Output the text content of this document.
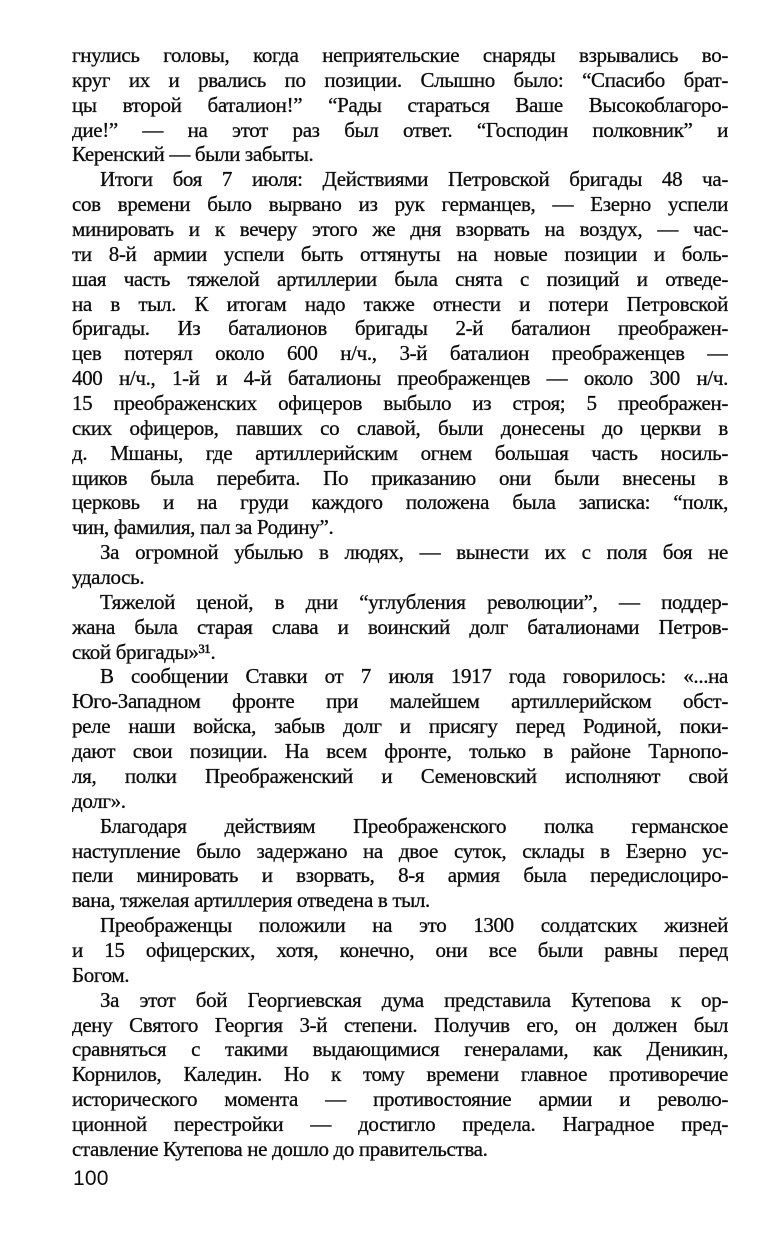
гнулись головы, когда неприятельские снаряды взрывались во-
круг их и рвались по позиции. Слышно было: “Спасибо брат-
цы второй баталион!” “Рады стараться Ваше Высокоблагоро-
дие!” — на этот раз был ответ. “Господин полковник” и
Керенский — были забыты.
Итоги боя 7 июля: Действиями Петровской бригады 48 ча-
сов времени было вырвано из рук германцев, — Езерно успели
минировать и к вечеру этого же дня взорвать на воздух, — час-
ти 8-й армии успели быть оттянуты на новые позиции и боль-
шая часть тяжелой артиллерии была снята с позиций и отведе-
на в тыл. К итогам надо также отнести и потери Петровской
бригады. Из баталионов бригады 2-й баталион преображен-
цев потерял около 600 н/ч., 3-й баталион преображенцев —
400 н/ч., 1-й и 4-й баталионы преображенцев — около 300 н/ч.
15 преображенских офицеров выбыло из строя; 5 преображен-
ских офицеров, павших со славой, были донесены до церкви в
д. Мшаны, где артиллерийским огнем большая часть носиль-
щиков была перебита. По приказанию они были внесены в
церковь и на груди каждого положена была записка: “полк,
чин, фамилия, пал за Родину”.
За огромной убылью в людях, — вынести их с поля боя не
удалось.
Тяжелой ценой, в дни “углубления революции”, — поддер-
жана была старая слава и воинский долг баталионами Петров-
ской бригады»³¹.
В сообщении Ставки от 7 июля 1917 года говорилось: «...на
Юго-Западном фронте при малейшем артиллерийском обст-
реле наши войска, забыв долг и присягу перед Родиной, поки-
дают свои позиции. На всем фронте, только в районе Тарнопо-
ля, полки Преображенский и Семеновский исполняют свой
долг».
Благодаря действиям Преображенского полка германское
наступление было задержано на двое суток, склады в Езерно ус-
пели минировать и взорвать, 8-я армия была передислоциро-
вана, тяжелая артиллерия отведена в тыл.
Преображенцы положили на это 1300 солдатских жизней
и 15 офицерских, хотя, конечно, они все были равны перед
Богом.
За этот бой Георгиевская дума представила Кутепова к ор-
дену Святого Георгия 3-й степени. Получив его, он должен был
сравняться с такими выдающимися генералами, как Деникин,
Корнилов, Каледин. Но к тому времени главное противоречие
исторического момента — противостояние армии и револю-
ционной перестройки — достигло предела. Наградное пред-
ставление Кутепова не дошло до правительства.
100
